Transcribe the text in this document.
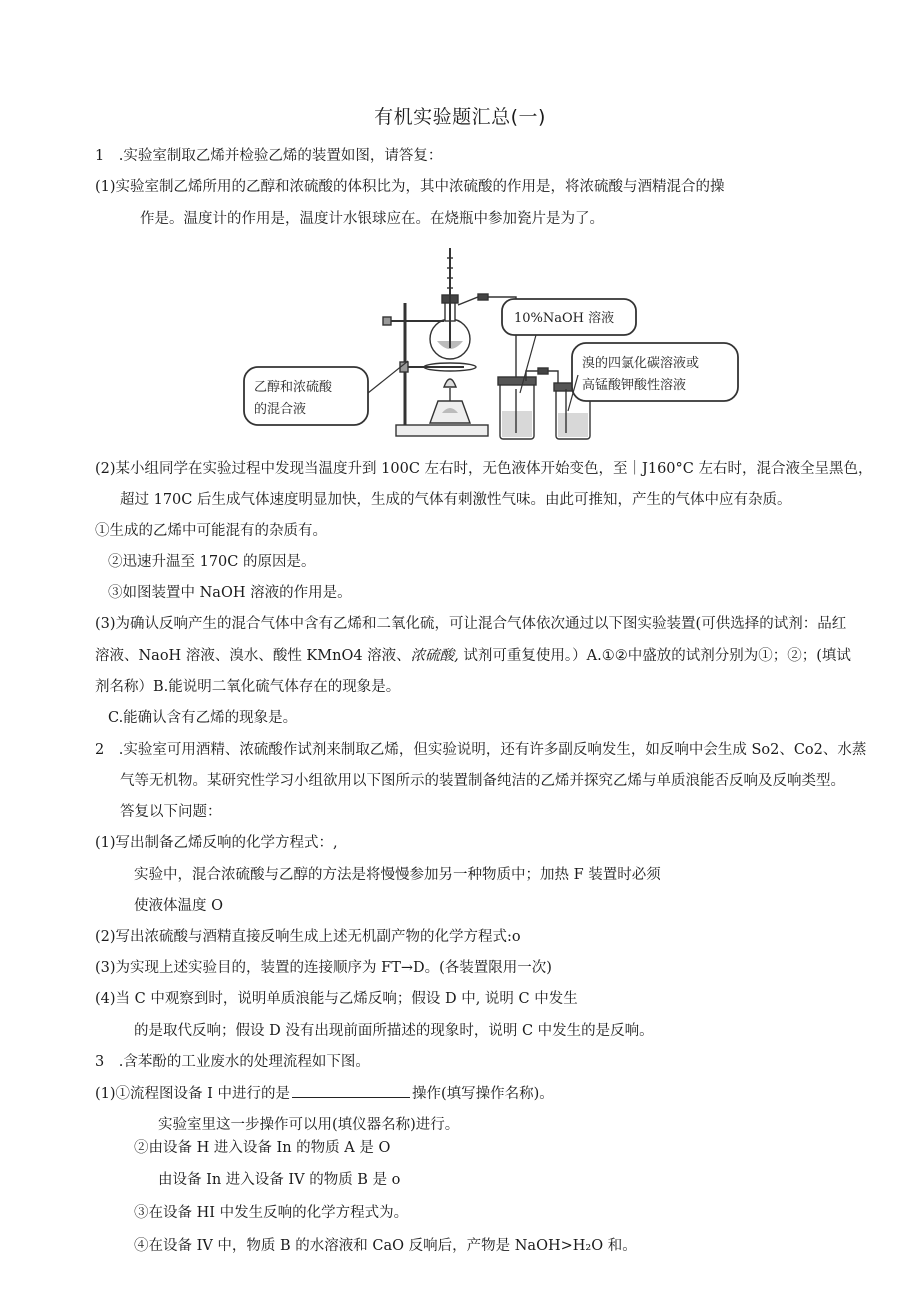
有机实验题汇总(一)
1　.实验室制取乙烯并检验乙烯的装置如图，请答复：
(1)实验室制乙烯所用的乙醇和浓硫酸的体积比为，其中浓硫酸的作用是，将浓硫酸与酒精混合的操
作是。温度计的作用是，温度计水银球应在。在烧瓶中参加瓷片是为了。
10%NaOH 溶液
乙醇和浓硫酸
的混合液
溴的四氯化碳溶液或
高锰酸钾酸性溶液
(2)某小组同学在实验过程中发现当温度升到 100C 左右时，无色液体开始变色，至｜J160°C 左右时，混合液全呈黑色，
超过 170C 后生成气体速度明显加快，生成的气体有刺激性气味。由此可推知，产生的气体中应有杂质。
①生成的乙烯中可能混有的杂质有。
②迅速升温至 170C 的原因是。
③如图装置中 NaOH 溶液的作用是。
(3)为确认反响产生的混合气体中含有乙烯和二氧化硫，可让混合气体依次通过以下图实验装置(可供选择的试剂：品红
溶液、NaoH 溶液、溴水、酸性 KMnO4 溶液、浓硫酸, 试剂可重复使用。）A.①②中盛放的试剂分别为①；②；(填试
剂名称）B.能说明二氧化硫气体存在的现象是。
C.能确认含有乙烯的现象是。
2　.实验室可用酒精、浓硫酸作试剂来制取乙烯，但实验说明，还有许多副反响发生，如反响中会生成 So2、Co2、水蒸
气等无机物。某研究性学习小组欲用以下图所示的装置制备纯洁的乙烯并探究乙烯与单质浪能否反响及反响类型。
答复以下问题：
(1)写出制备乙烯反响的化学方程式：,
实验中，混合浓硫酸与乙醇的方法是将慢慢参加另一种物质中；加热 F 装置时必须
使液体温度 O
(2)写出浓硫酸与酒精直接反响生成上述无机副产物的化学方程式:o
(3)为实现上述实验目的，装置的连接顺序为 FT→D。(各装置限用一次)
(4)当 C 中观察到时，说明单质浪能与乙烯反响；假设 D 中, 说明 C 中发生
的是取代反响；假设 D 没有出现前面所描述的现象时，说明 C 中发生的是反响。
3　.含苯酚的工业废水的处理流程如下图。
(1)①流程图设备 I 中进行的是	操作(填写操作名称)。
实验室里这一步操作可以用(填仪器名称)进行。
②由设备 H 进入设备 In 的物质 A 是 O
由设备 In 进入设备 IV 的物质 B 是 o
③在设备 HI 中发生反响的化学方程式为。
④在设备 IV 中，物质 B 的水溶液和 CaO 反响后，产物是 NaOH>H₂O 和。
